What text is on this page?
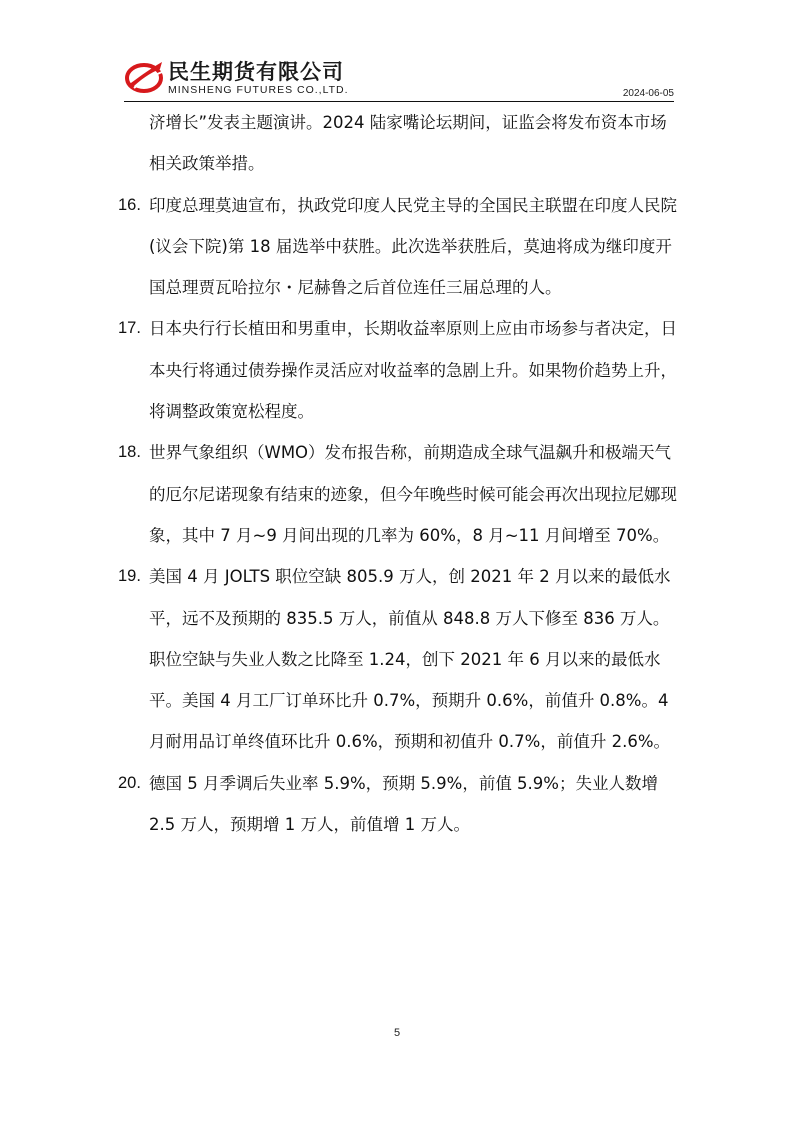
民生期货有限公司
MINSHENG FUTURES CO.,LTD.	2024-06-05

济增长”发表主题演讲。2024 陆家嘴论坛期间，证监会将发布资本市场相关政策举措。

16. 印度总理莫迪宣布，执政党印度人民党主导的全国民主联盟在印度人民院(议会下院)第 18 届选举中获胜。此次选举获胜后，莫迪将成为继印度开国总理贾瓦哈拉尔・尼赫鲁之后首位连任三届总理的人。
17. 日本央行行长植田和男重申，长期收益率原则上应由市场参与者决定，日本央行将通过债券操作灵活应对收益率的急剧上升。如果物价趋势上升，将调整政策宽松程度。
18. 世界气象组织（WMO）发布报告称，前期造成全球气温飙升和极端天气的厄尔尼诺现象有结束的迹象，但今年晚些时候可能会再次出现拉尼娜现象，其中 7 月~9 月间出现的几率为 60%，8 月~11 月间增至 70%。
19. 美国 4 月 JOLTS 职位空缺 805.9 万人，创 2021 年 2 月以来的最低水平，远不及预期的 835.5 万人，前值从 848.8 万人下修至 836 万人。职位空缺与失业人数之比降至 1.24，创下 2021 年 6 月以来的最低水平。美国 4 月工厂订单环比升 0.7%，预期升 0.6%，前值升 0.8%。4 月耐用品订单终值环比升 0.6%，预期和初值升 0.7%，前值升 2.6%。
20. 德国 5 月季调后失业率 5.9%，预期 5.9%，前值 5.9%；失业人数增 2.5 万人，预期增 1 万人，前值增 1 万人。
5
